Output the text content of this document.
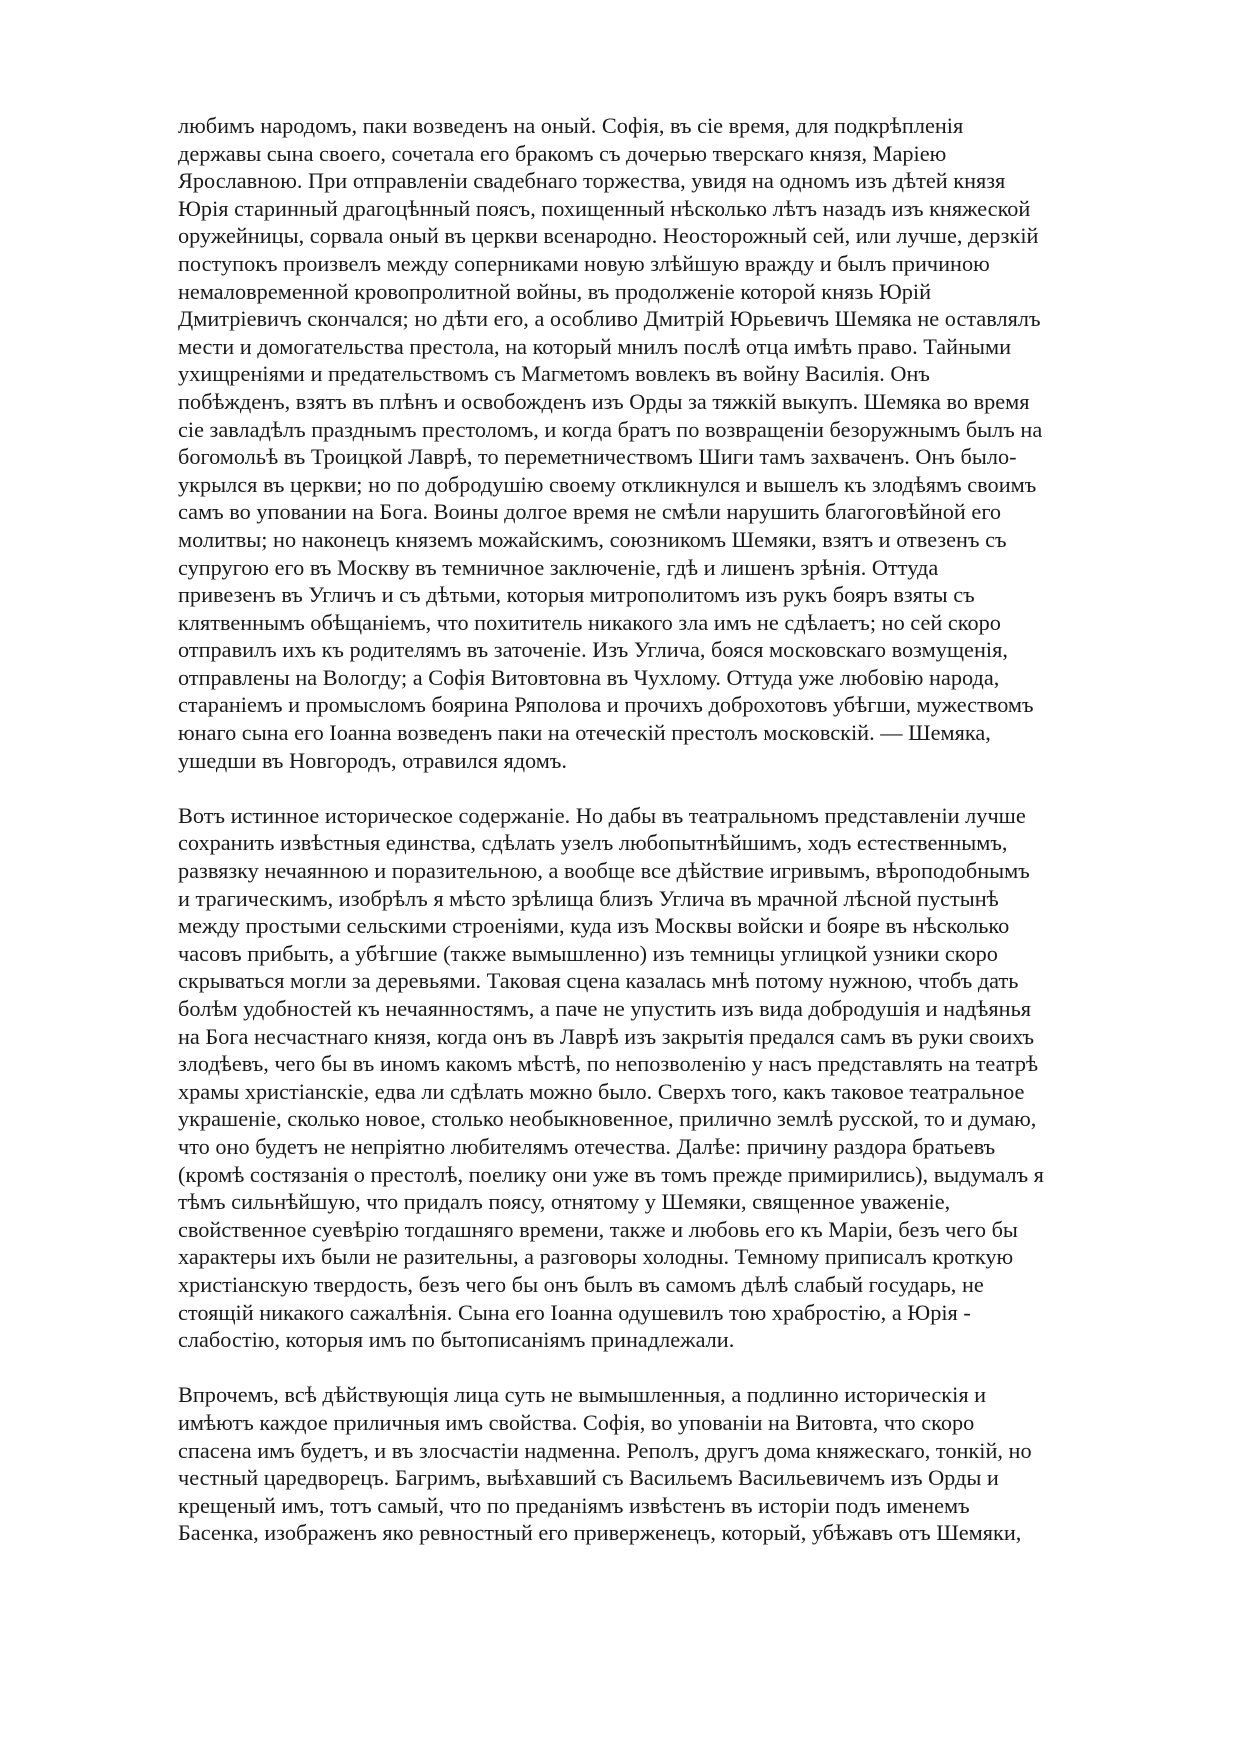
любимъ народомъ, паки возведенъ на оный. Софія, въ сіе время, для подкрѣпленія
державы сына своего, сочетала его бракомъ съ дочерью тверскаго князя, Маріею
Ярославною. При отправленіи свадебнаго торжества, увидя на одномъ изъ дѣтей князя
Юрія старинный драгоцѣнный поясъ, похищенный нѣсколько лѣтъ назадъ изъ княжеской
оружейницы, сорвала оный въ церкви всенародно. Неосторожный сей, или лучше, дерзкій
поступокъ произвелъ между соперниками новую злѣйшую вражду и былъ причиною
немаловременной кровопролитной войны, въ продолженіе которой князь Юрій
Дмитріевичъ скончался; но дѣти его, а особливо Дмитрій Юрьевичъ Шемяка не оставлялъ
мести и домогательства престола, на который мнилъ послѣ отца имѣть право. Тайными
ухищреніями и предательствомъ съ Магметомъ вовлекъ въ войну Василія. Онъ
побѣжденъ, взятъ въ плѣнъ и освобожденъ изъ Орды за тяжкій выкупъ. Шемяка во время
сіе завладѣлъ празднымъ престоломъ, и когда братъ по возвращеніи безоружнымъ былъ на
богомольѣ въ Троицкой Лаврѣ, то переметничествомъ Шиги тамъ захваченъ. Онъ было-
укрылся въ церкви; но по добродушію своему откликнулся и вышелъ къ злодѣямъ своимъ
самъ во уповании на Бога. Воины долгое время не смѣли нарушить благоговѣйной его
молитвы; но наконецъ княземъ можайскимъ, союзникомъ Шемяки, взятъ и отвезенъ съ
супругою его въ Москву въ темничное заключеніе, гдѣ и лишенъ зрѣнія. Оттуда
привезенъ въ Угличъ и съ дѣтьми, которыя митрополитомъ изъ рукъ бояръ взяты съ
клятвеннымъ обѣщаніемъ, что похититель никакого зла имъ не сдѣлаетъ; но сей скоро
отправилъ ихъ къ родителямъ въ заточеніе. Изъ Углича, бояся московскаго возмущенія,
отправлены на Вологду; а Софія Витовтовна въ Чухлому. Оттуда уже любовію народа,
стараніемъ и промысломъ боярина Ряполова и прочихъ доброхотовъ убѣгши, мужествомъ
юнаго сына его Іоанна возведенъ паки на отеческій престолъ московскій. — Шемяка,
ушедши въ Новгородъ, отравился ядомъ.

Вотъ истинное историческое содержаніе. Но дабы въ театральномъ представленіи лучше
сохранить извѣстныя единства, сдѣлать узелъ любопытнѣйшимъ, ходъ естественнымъ,
развязку нечаянною и поразительною, а вообще все дѣйствие игривымъ, вѣроподобнымъ
и трагическимъ, изобрѣлъ я мѣсто зрѣлища близъ Углича въ мрачной лѣсной пустынѣ
между простыми сельскими строеніями, куда изъ Москвы войски и бояре въ нѣсколько
часовъ прибыть, а убѣгшие (также вымышленно) изъ темницы углицкой узники скоро
скрываться могли за деревьями. Таковая сцена казалась мнѣ потому нужною, чтобъ дать
болѣм удобностей къ нечаянностямъ, а паче не упустить изъ вида добродушія и надѣянья
на Бога несчастнаго князя, когда онъ въ Лаврѣ изъ закрытія предался самъ въ руки своихъ
злодѣевъ, чего бы въ иномъ какомъ мѣстѣ, по непозволенію у насъ представлять на театрѣ
храмы христіанскіе, едва ли сдѣлать можно было. Сверхъ того, какъ таковое театральное
украшеніе, сколько новое, столько необыкновенное, прилично землѣ русской, то и думаю,
что оно будетъ не непріятно любителямъ отечества. Далѣе: причину раздора братьевъ
(кромѣ состязанія о престолѣ, поелику они уже въ томъ прежде примирились), выдумалъ я
тѣмъ сильнѣйшую, что придалъ поясу, отнятому у Шемяки, священное уваженіе,
свойственное суевѣрію тогдашняго времени, также и любовь его къ Маріи, безъ чего бы
характеры ихъ были не разительны, а разговоры холодны. Темному приписалъ кроткую
христіанскую твердость, безъ чего бы онъ былъ въ самомъ дѣлѣ слабый государь, не
стоящій никакого сажалѣнія. Сына его Іоанна одушевилъ тою храбростію, а Юрія -
слабостію, которыя имъ по бытописаніямъ принадлежали.

Впрочемъ, всѣ дѣйствующія лица суть не вымышленныя, а подлинно историческія и
имѣютъ каждое приличныя имъ свойства. Софія, во упованіи на Витовта, что скоро
спасена имъ будетъ, и въ злосчастіи надменна. Реполъ, другъ дома княжескаго, тонкій, но
честный царедворецъ. Багримъ, выѣхавший съ Васильемъ Васильевичемъ изъ Орды и
крещеный имъ, тотъ самый, что по преданіямъ извѣстенъ въ исторіи подъ именемъ
Басенка, изображенъ яко ревностный его приверженецъ, который, убѣжавъ отъ Шемяки,
